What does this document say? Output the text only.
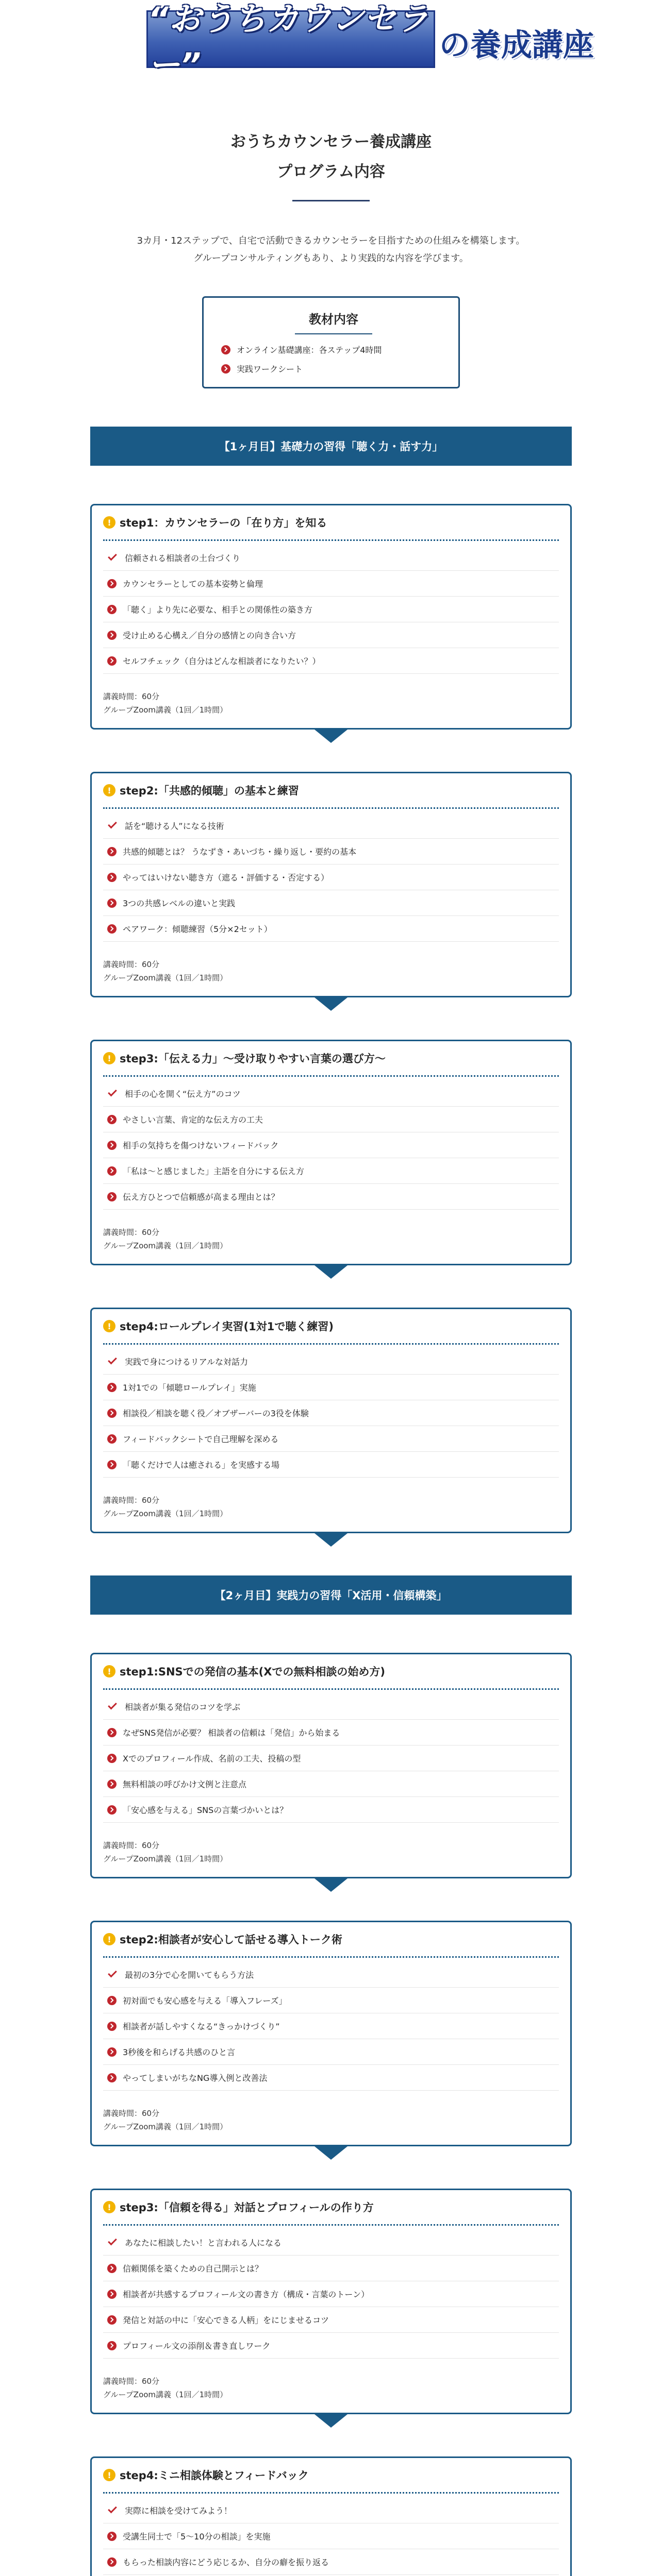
“おうちカウンセラー”
の養成講座
おうちカウンセラー養成講座
プログラム内容
3カ月・12ステップで、自宅で活動できるカウンセラーを目指すための仕組みを構築します。
グループコンサルティングもあり、より実践的な内容を学びます。
教材内容
オンライン基礎講座：各ステップ4時間
実践ワークシート
【1ヶ月目】基礎力の習得「聴く力・話す力」
! step1：カウンセラーの「在り方」を知る
信頼される相談者の土台づくり
カウンセラーとしての基本姿勢と倫理
「聴く」より先に必要な、相手との関係性の築き方
受け止める心構え／自分の感情との向き合い方
セルフチェック（自分はどんな相談者になりたい？）
講義時間：60分
グループZoom講義（1回／1時間）
! step2:「共感的傾聴」の基本と練習
話を“聴ける人”になる技術
共感的傾聴とは？ うなずき・あいづち・繰り返し・要約の基本
やってはいけない聴き方（遮る・評価する・否定する）
3つの共感レベルの違いと実践
ペアワーク：傾聴練習（5分×2セット）
講義時間：60分
グループZoom講義（1回／1時間）
! step3:「伝える力」〜受け取りやすい言葉の選び方〜
相手の心を開く“伝え方”のコツ
やさしい言葉、肯定的な伝え方の工夫
相手の気持ちを傷つけないフィードバック
「私は〜と感じました」主語を自分にする伝え方
伝え方ひとつで信頼感が高まる理由とは？
講義時間：60分
グループZoom講義（1回／1時間）
! step4:ロールプレイ実習(1対1で聴く練習)
実践で身につけるリアルな対話力
1対1での「傾聴ロールプレイ」実施
相談役／相談を聴く役／オブザーバーの3役を体験
フィードバックシートで自己理解を深める
「聴くだけで人は癒される」を実感する場
講義時間：60分
グループZoom講義（1回／1時間）
【2ヶ月目】実践力の習得「X活用・信頼構築」
! step1:SNSでの発信の基本(Xでの無料相談の始め方)
相談者が集る発信のコツを学ぶ
なぜSNS発信が必要？ 相談者の信頼は「発信」から始まる
Xでのプロフィール作成、名前の工夫、投稿の型
無料相談の呼びかけ文例と注意点
「安心感を与える」SNSの言葉づかいとは？
講義時間：60分
グループZoom講義（1回／1時間）
! step2:相談者が安心して話せる導入トーク術
最初の3分で心を開いてもらう方法
初対面でも安心感を与える「導入フレーズ」
相談者が話しやすくなる“きっかけづくり”
3秒後を和らげる共感のひと言
やってしまいがちなNG導入例と改善法
講義時間：60分
グループZoom講義（1回／1時間）
! step3:「信頼を得る」対話とプロフィールの作り方
あなたに相談したい！と言われる人になる
信頼関係を築くための自己開示とは？
相談者が共感するプロフィール文の書き方（構成・言葉のトーン）
発信と対話の中に「安心できる人柄」をにじませるコツ
プロフィール文の添削＆書き直しワーク
講義時間：60分
グループZoom講義（1回／1時間）
! step4:ミニ相談体験とフィードバック
実際に相談を受けてみよう！
受講生同士で「5〜10分の相談」を実施
もらった相談内容にどう応じるか、自分の癖を振り返る
